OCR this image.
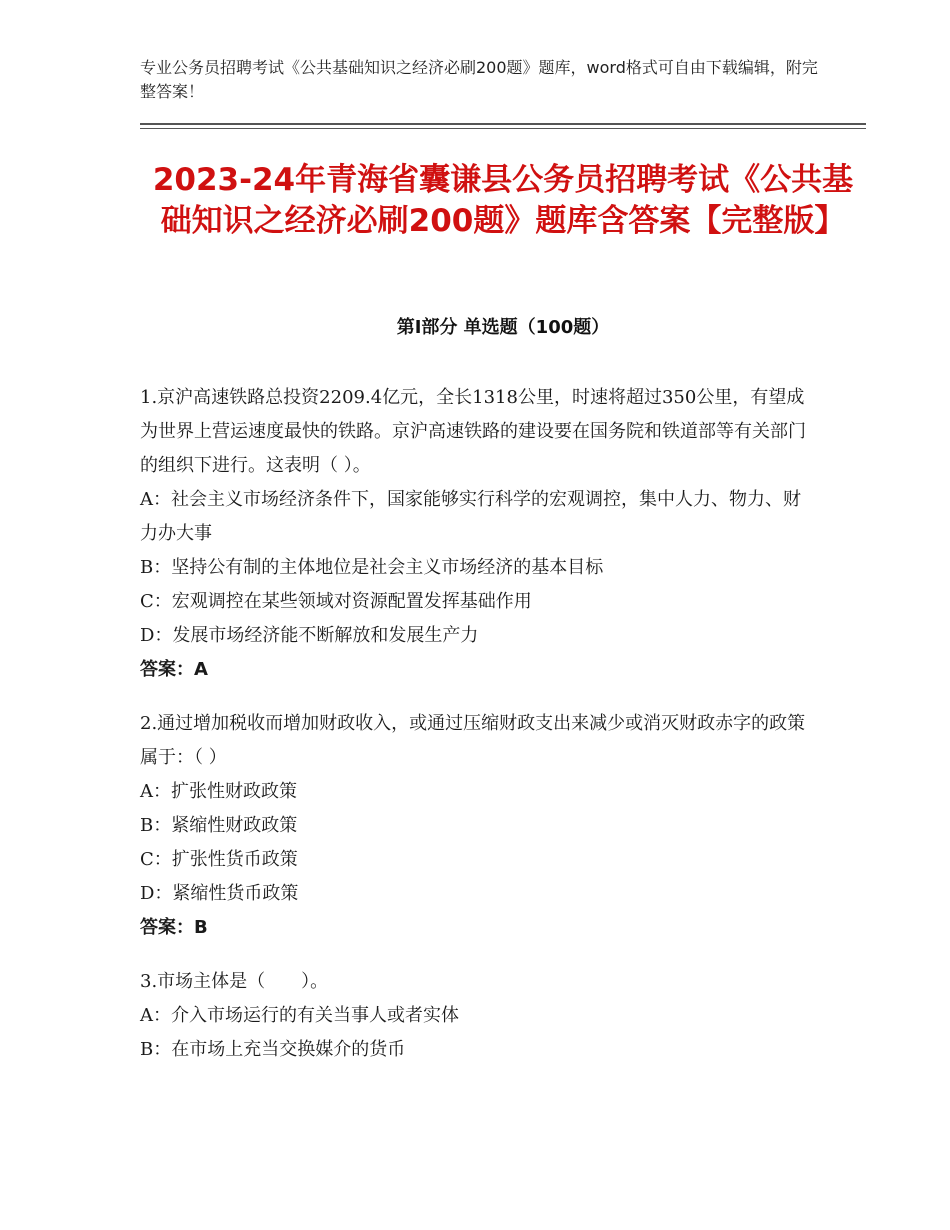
专业公务员招聘考试《公共基础知识之经济必刷200题》题库，word格式可自由下载编辑，附完整答案！
2023-24年青海省囊谦县公务员招聘考试《公共基础知识之经济必刷200题》题库含答案【完整版】
第Ⅰ部分 单选题（100题）
1.京沪高速铁路总投资2209.4亿元，全长1318公里，时速将超过350公里，有望成为世界上营运速度最快的铁路。京沪高速铁路的建设要在国务院和铁道部等有关部门的组织下进行。这表明（ ）。
A：社会主义市场经济条件下，国家能够实行科学的宏观调控，集中人力、物力、财力办大事
B：坚持公有制的主体地位是社会主义市场经济的基本目标
C：宏观调控在某些领域对资源配置发挥基础作用
D：发展市场经济能不断解放和发展生产力
答案：A
2.通过增加税收而增加财政收入，或通过压缩财政支出来减少或消灭财政赤字的政策属于：（ ）
A：扩张性财政政策
B：紧缩性财政政策
C：扩张性货币政策
D：紧缩性货币政策
答案：B
3.市场主体是（　　）。
A：介入市场运行的有关当事人或者实体
B：在市场上充当交换媒介的货币
